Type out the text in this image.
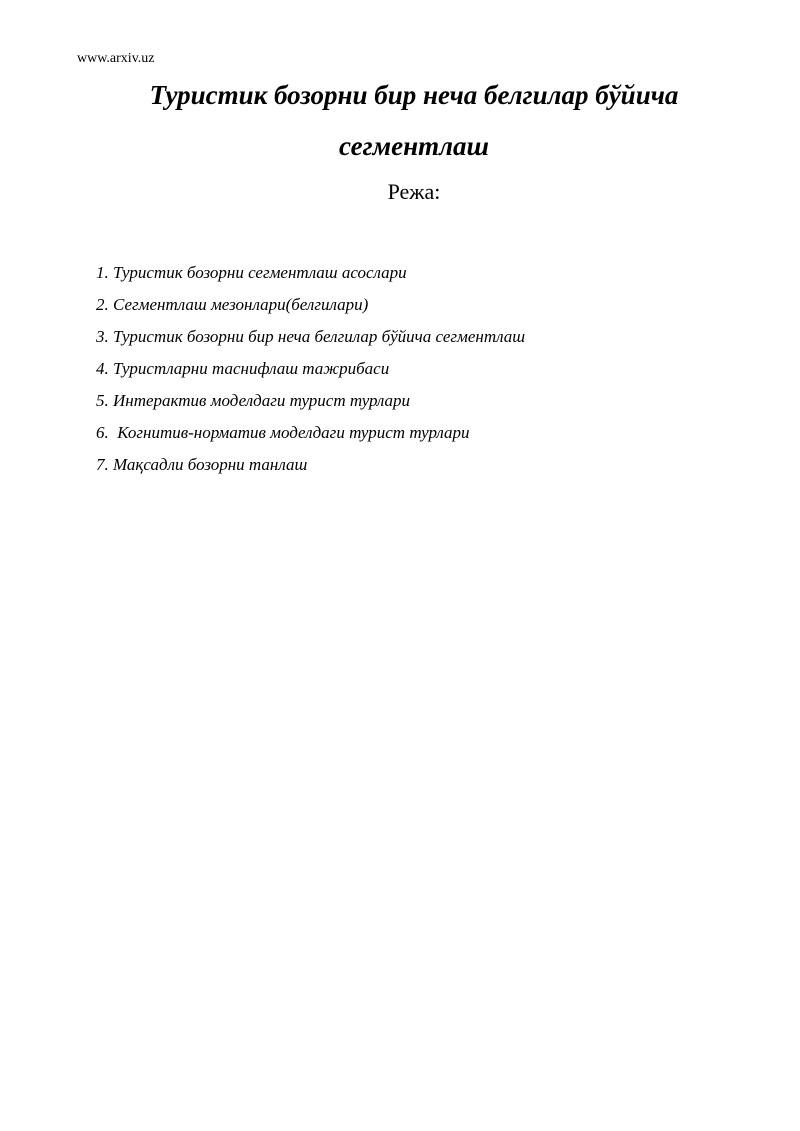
www.arxiv.uz
Туристик бозорни бир неча белгилар бўйича
сегментлаш
Режа:
1. Туристик бозорни сегментлаш асослари
2. Сегментлаш мезонлари(белгилари)
3. Туристик бозорни бир неча белгилар бўйича сегментлаш
4. Туристларни таснифлаш тажрибаси
5. Интерактив моделдаги турист турлари
6.  Когнитив-норматив моделдаги турист турлари
7. Мақсадли бозорни танлаш
